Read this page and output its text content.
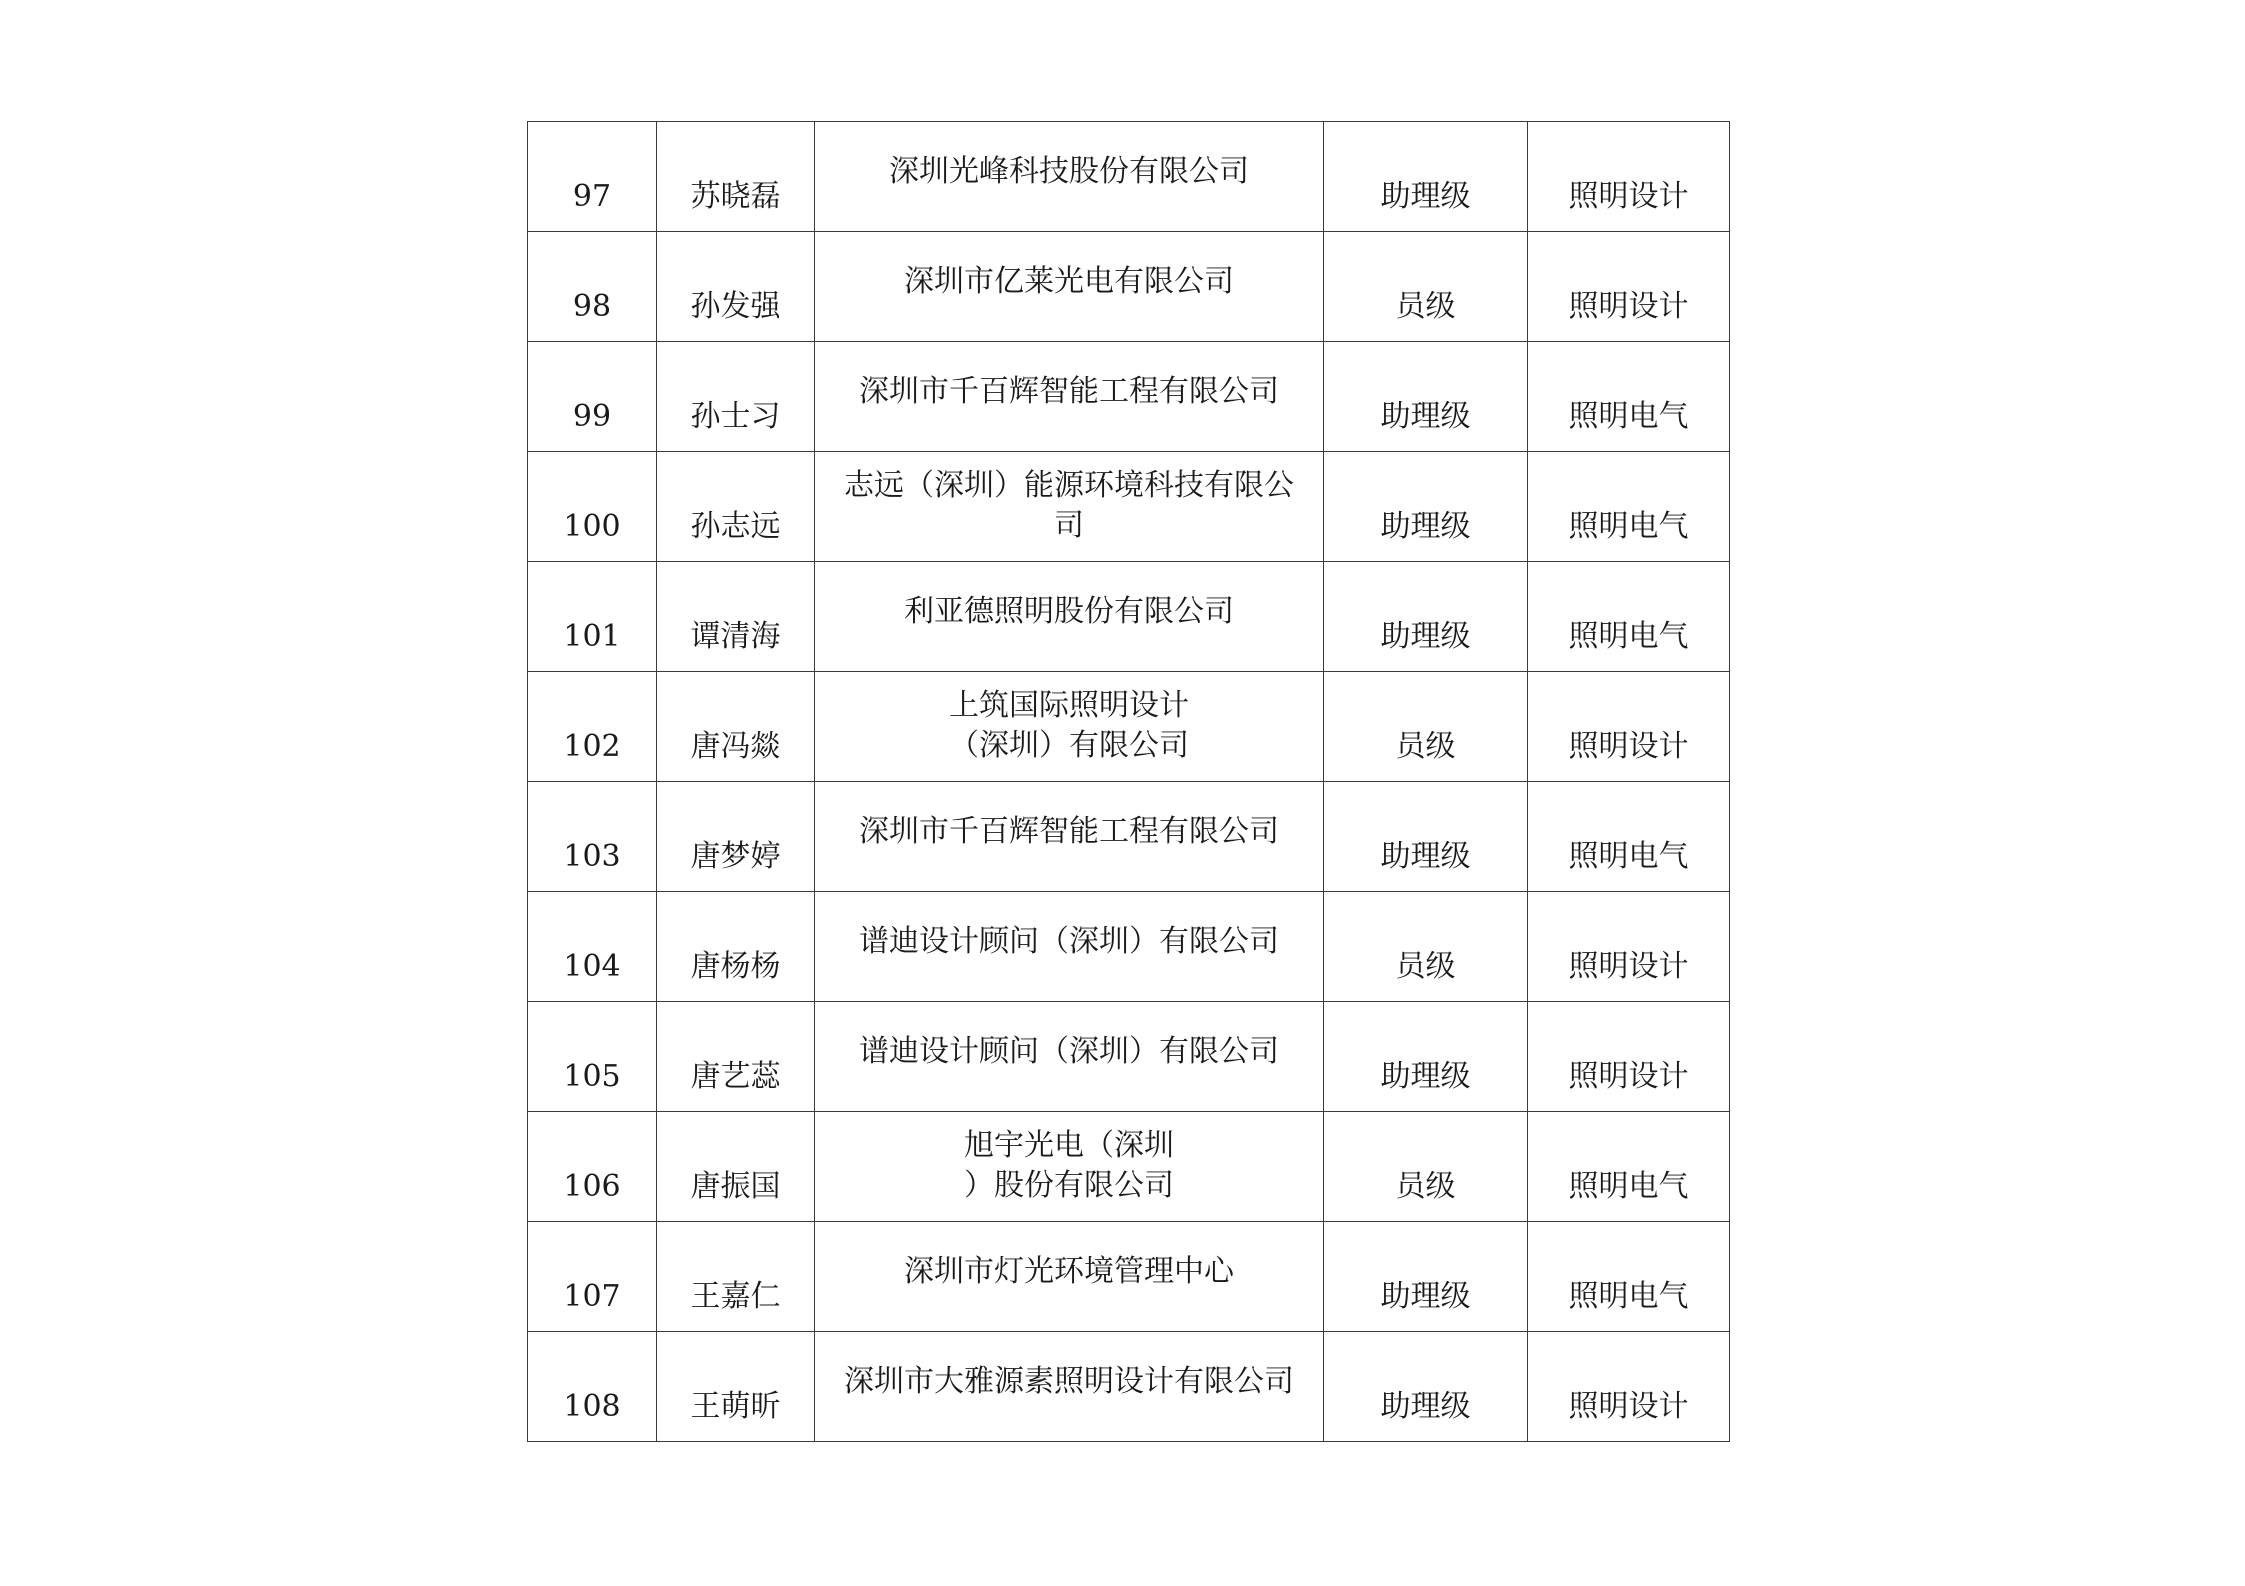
97	苏晓磊	深圳光峰科技股份有限公司	助理级	照明设计

98	孙发强	深圳市亿莱光电有限公司	员级	照明设计

99	孙士习	深圳市千百辉智能工程有限公司	助理级	照明电气

100	孙志远	志远（深圳）能源环境科技有限公
司	助理级	照明电气

101	谭清海	利亚德照明股份有限公司	助理级	照明电气

102	唐冯燚	上筑国际照明设计
（深圳）有限公司	员级	照明设计

103	唐梦婷	深圳市千百辉智能工程有限公司	助理级	照明电气

104	唐杨杨	谱迪设计顾问（深圳）有限公司	员级	照明设计

105	唐艺蕊	谱迪设计顾问（深圳）有限公司	助理级	照明设计

106	唐振国	旭宇光电（深圳
）股份有限公司	员级	照明电气

107	王嘉仁	深圳市灯光环境管理中心	助理级	照明电气

108	王萌昕	深圳市大雅源素照明设计有限公司	助理级	照明设计
